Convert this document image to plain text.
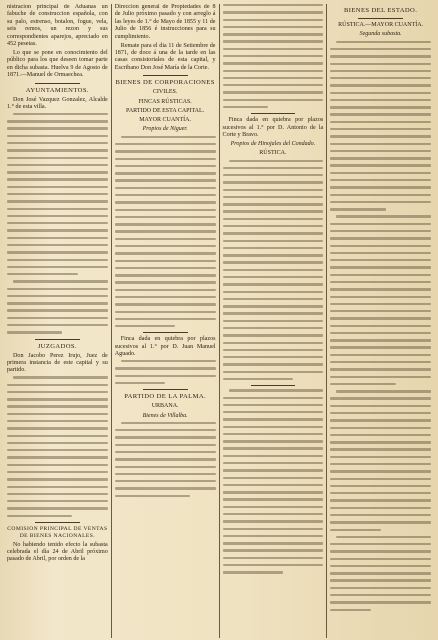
nistracion principal de Aduanas un fabuche de construccion española, con su palo, estrenso, botalon, fogue, vela, seis remos, un rezon y sus correspondientes aparejos, apreciado en 452 pesetas.

Lo que se pone en conocimiento del público para los que deseen tomar parte en dicha subasta. Huelva 9 de Agosto de 1871.—Manuel de Ormaechea.

AYUNTAMIENTOS.

Don José Vazquez Gonzalez, Alcalde 1.° de esta villa.

JUZGADOS.

Don Jacobo Perez Irujo, Juez de primera instancia de este capital y su partido.

COMISION PRINCIPAL DE VENTAS DE BIENES NACIONALES.

No habiendo tenido efecto la subasta celebrada el día 24 de Abril próximo pasado de Abril, por orden de la

Direccion general de Propiedades de 8 de Julio próximo pasado y con arreglo á las leyes de 1.° de Mayo de 1855 y 11 de Julio de 1856 é instrucciones para su cumplimiento.

Remate para el dia 11 de Setiembre de 1871, de doce á una de la tarde en las casas consistoriales de esta capital, y Escribano Don José María de la Corte.

BIENES DE CORPORACIONES
CIVILES.
FINCAS RÚSTICAS.
PARTIDO DE ESTA CAPITAL.
MAYOR CUANTÍA.
Propios de Niguer.

Finca dada en quiebra por plazos sucesivos al 1.° por D. Juan Manuel Aguado.

PARTIDO DE LA PALMA.
URBANA.
Bienes de Villalba.

Finca dada en quiebra por plazos sucesivos al 1.° por D. Antonio de la Corte y Bravo.

Propios de Hinojales del Condado.
RÚSTICA.
BIENES DEL ESTADO.
RÚSTICA.—MAYOR CUANTÍA.
Segunda subasta.
